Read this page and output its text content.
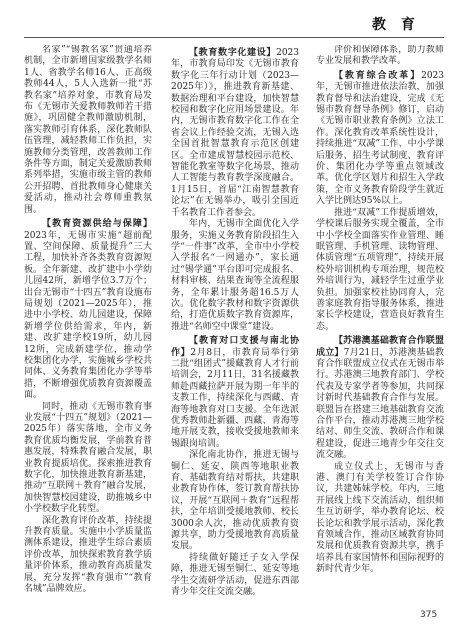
教 育

名家”“锡教名家”贯通培养机制，全市新增国家级教学名师1人、省教学名师16人、正高级教师44人，5人入选新一批“苏教名家”培养对象，市教育局发布《无锡市关爱教师教师若干措施》，巩固健全教师激励机制，落实教师引育体系，深化教师队伍管理，减轻教师工作负担，实施教师分类管理，改善教师工作条件等方面，制定关爱激励教师系列举措，实施市级主管的教师公开招聘、首批教师身心健康关爱活动，推动社会尊师重教氛围。

【教育资源供给与保障】2023年，无锡市实施“超前配置、空间保障、质量提升”三大工程，加快补齐各类教育资源短板。全年新建、改扩建中小学幼儿园42所，新增学位3.7万个；出台无锡市“十四五”教育设施布局规划（2021—2025年），推进中小学校、幼儿园建设，保障新增学位供给需求，年内，新建、改扩建学校19所，幼儿园12所，完成新建学位，推动学校集团化办学，实施城乡学校共同体、义务教育集团化办学等举措，不断增强优质教育资源覆盖面。

同时，推动《无锡市教育事业发展“十四五”规划》（2021—2025年）落实落地，全市义务教育优质均衡发展，学前教育普惠发展，特殊教育融合发展，职业教育提质培优。探索推进教育数字化，加快推进教育新基建，推动“互联网＋教育”融合发展，加快智慧校园建设，助推城乡中小学校数字化转型。

深化教育评价改革，持续提升教育质量。实施中小学质量监测体系建设，推进学生综合素质评价改革，加快探索教育教学质量评价体系，推动教育高质量发展，充分发挥“教育强市”“教育名城”品牌效应。

【教育数字化建设】2023年，市教育局印发《无锡市教育数字化三年行动计划（2023—2025年）》，推进教育新基建、数据治理和平台建设，加快智慧校园和数字化应用场景建设。年内，无锡市教育数字化工作在全省会议上作经验交流，无锡入选全国首批智慧教育示范区创建区。全市建成智慧校园示范校、智能化教室等数字化场景，推动人工智能与教育教学深度融合。1月15日，首届“江南智慧教育论坛”在无锡举办，吸引全国近千名教育工作者参会。

年内，无锡市全面优化入学服务，实施义务教育阶段招生入学“一件事”改革，全市中小学校入学报名“一网通办”，家长通过“锡学通”平台即可完成报名、材料审核、结果查询等全流程服务，全年累计服务超16.5万人次。优化数字教材和数字资源供给，打造优质数字教育资源库，推进“名师空中课堂”建设。

【教育对口支援与南北协作】2月8日，市教育局举行第二批“组团式”援藏教育人才行前培训会，2月11日，31名援藏教师赴西藏拉萨开展为期一年半的支教工作，持续深化与西藏、青海等地教育对口支援。全年选派优秀教师赴新疆、西藏、青海等地开展支教，接收受援地教师来锡跟岗培训。

深化南北协作，推进无锡与铜仁、延安、陕西等地职业教育、基础教育结对帮扶，共建职业教育协作体，签订教育帮扶协议，开展“互联网＋教育”远程帮扶，全年培训受援地教师、校长3000余人次，推动优质教育资源共享，助力受援地教育高质量发展。

持续做好随迁子女入学保障，推进无锡至铜仁、延安等地学生交流研学活动，促进东西部青少年交往交流交融。

评价和保障体系，助力教师专业发展和教学改革。

【教育综合改革】2023年，无锡市推进依法治教，加强教育督导和法治建设，完成《无锡市教育督导条例》修订，启动《无锡市职业教育条例》立法工作。深化教育改革系统性设计，持续推进“双减”工作、中小学课后服务、招生考试制度、教育评价、集团化办学等重点领域改革。优化学区划片和招生入学政策，全市义务教育阶段学生就近入学比例达95%以上。

推进“双减”工作提质增效，学校课后服务实现全覆盖，全市中小学校全面落实作业管理、睡眠管理、手机管理、读物管理、体质管理“五项管理”，持续开展校外培训机构专项治理，规范校外培训行为，减轻学生过重学业负担。加强家校社协同育人，完善家庭教育指导服务体系，推进家长学校建设，营造良好教育生态。

【苏港澳基础教育合作联盟成立】7月21日，苏港澳基础教育合作联盟成立仪式在无锡市举行。苏港澳三地教育部门、学校代表及专家学者等参加，共同探讨新时代基础教育合作与发展。联盟旨在搭建三地基础教育交流合作平台，推动苏港澳三地学校结对、师生交流、教研合作和课程建设，促进三地青少年交往交流交融。

成立仪式上，无锡市与香港、澳门有关学校签订合作协议，共建姊妹学校。年内，三地开展线上线下交流活动，组织师生互访研学，举办教育论坛、校长论坛和教学展示活动，深化教育领域合作，推动区域教育协同发展和优质教育资源共享，携手培养具有家国情怀和国际视野的新时代青少年。

375
